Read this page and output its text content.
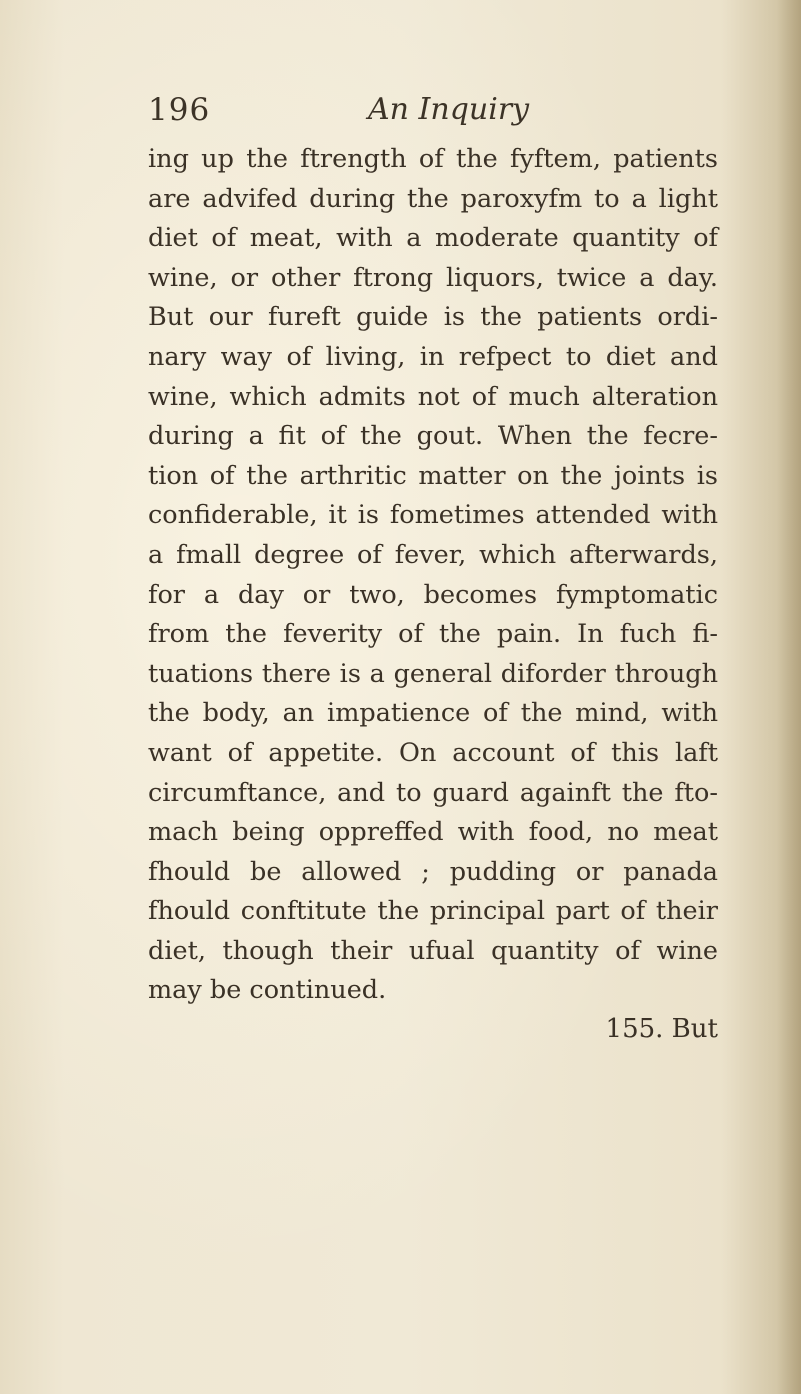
196	An Inquiry
ing up the ftrength of the fyftem, patients
are advifed during the paroxyfm to a light
diet of meat, with a moderate quantity of
wine, or other ftrong liquors, twice a day.
But our fureft guide is the patients ordi-
nary way of living, in refpect to diet and
wine, which admits not of much alteration
during a fit of the gout. When the fecre-
tion of the arthritic matter on the joints is
confiderable, it is fometimes attended with
a fmall degree of fever, which afterwards,
for a day or two, becomes fymptomatic
from the feverity of the pain. In fuch fi-
tuations there is a general diforder through
the body, an impatience of the mind, with
want of appetite. On account of this laft
circumftance, and to guard againft the fto-
mach being oppreffed with food, no meat
fhould be allowed ; pudding or panada
fhould conftitute the principal part of their
diet, though their ufual quantity of wine
may be continued.
155. But
